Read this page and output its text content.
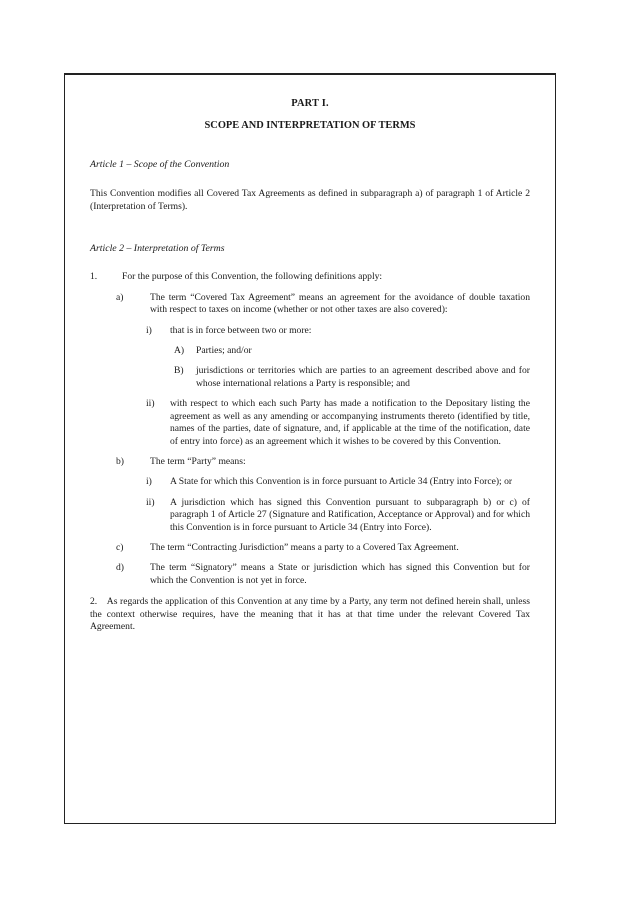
PART I.
SCOPE AND INTERPRETATION OF TERMS
Article 1 – Scope of the Convention
This Convention modifies all Covered Tax Agreements as defined in subparagraph a) of paragraph 1 of Article 2 (Interpretation of Terms).
Article 2 – Interpretation of Terms
1.	For the purpose of this Convention, the following definitions apply:
a)	The term “Covered Tax Agreement” means an agreement for the avoidance of double taxation with respect to taxes on income (whether or not other taxes are also covered):
i)	that is in force between two or more:
A)	Parties; and/or
B)	jurisdictions or territories which are parties to an agreement described above and for whose international relations a Party is responsible; and
ii)	with respect to which each such Party has made a notification to the Depositary listing the agreement as well as any amending or accompanying instruments thereto (identified by title, names of the parties, date of signature, and, if applicable at the time of the notification, date of entry into force) as an agreement which it wishes to be covered by this Convention.
b)	The term “Party” means:
i)	A State for which this Convention is in force pursuant to Article 34 (Entry into Force); or
ii)	A jurisdiction which has signed this Convention pursuant to subparagraph b) or c) of paragraph 1 of Article 27 (Signature and Ratification, Acceptance or Approval) and for which this Convention is in force pursuant to Article 34 (Entry into Force).
c)	The term “Contracting Jurisdiction” means a party to a Covered Tax Agreement.
d)	The term “Signatory” means a State or jurisdiction which has signed this Convention but for which the Convention is not yet in force.
2. As regards the application of this Convention at any time by a Party, any term not defined herein shall, unless the context otherwise requires, have the meaning that it has at that time under the relevant Covered Tax Agreement.
